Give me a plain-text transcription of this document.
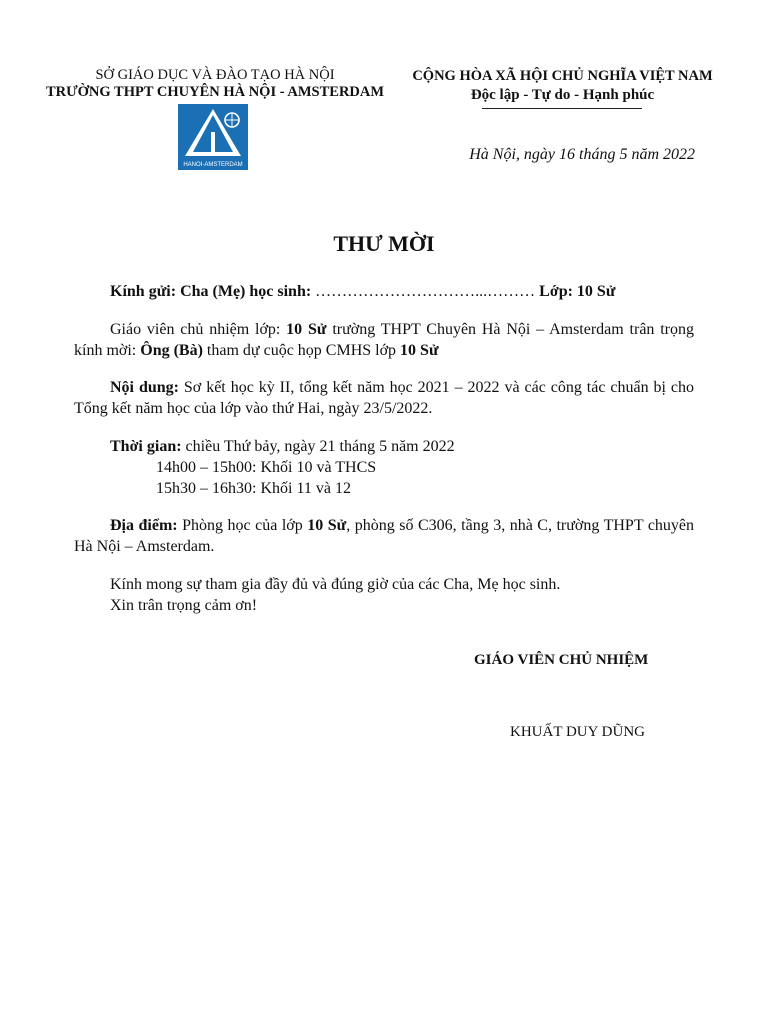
SỞ GIÁO DỤC VÀ ĐÀO TẠO HÀ NỘI
TRƯỜNG THPT CHUYÊN HÀ NỘI - AMSTERDAM
HANOI-AMSTERDAM
CỘNG HÒA XÃ HỘI CHỦ NGHĨA VIỆT NAM
Độc lập - Tự do - Hạnh phúc
Hà Nội, ngày 16 tháng 5 năm 2022
THƯ MỜI
Kính gửi: Cha (Mẹ) học sinh: …………………………...……… Lớp: 10 Sử
Giáo viên chủ nhiệm lớp: 10 Sử trường THPT Chuyên Hà Nội – Amsterdam trân trọng kính mời: Ông (Bà) tham dự cuộc họp CMHS lớp 10 Sử
Nội dung: Sơ kết học kỳ II, tổng kết năm học 2021 – 2022 và các công tác chuẩn bị cho Tổng kết năm học của lớp vào thứ Hai, ngày 23/5/2022.
Thời gian: chiều Thứ bảy, ngày 21 tháng 5 năm 2022
14h00 – 15h00: Khối 10 và THCS
15h30 – 16h30: Khối 11 và 12
Địa điểm: Phòng học của lớp 10 Sử, phòng số C306, tầng 3, nhà C, trường THPT chuyên Hà Nội – Amsterdam.
Kính mong sự tham gia đầy đủ và đúng giờ của các Cha, Mẹ học sinh.
Xin trân trọng cảm ơn!
GIÁO VIÊN CHỦ NHIỆM
KHUẤT DUY DŨNG
